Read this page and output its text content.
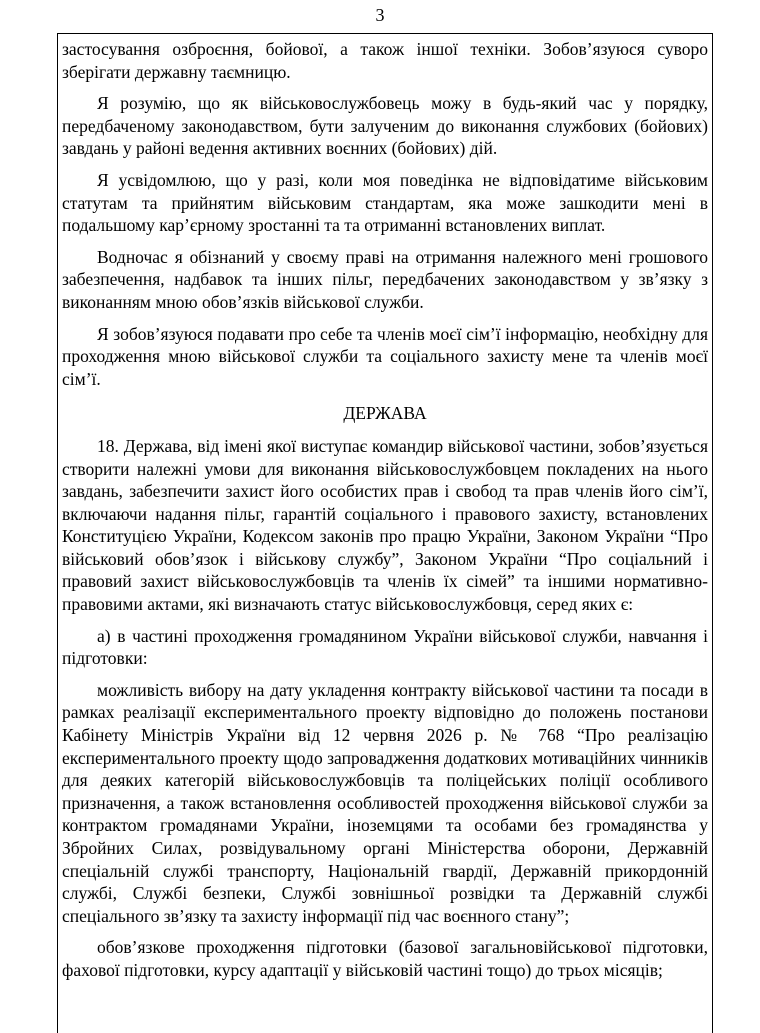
3

застосування озброєння, бойової, а також іншої техніки. Зобов’язуюся суворо зберігати державну таємницю.

Я розумію, що як військовослужбовець можу в будь-який час у порядку, передбаченому законодавством, бути залученим до виконання службових (бойових) завдань у районі ведення активних воєнних (бойових) дій.

Я усвідомлюю, що у разі, коли моя поведінка не відповідатиме військовим статутам та прийнятим військовим стандартам, яка може зашкодити мені в подальшому кар’єрному зростанні та та отриманні встановлених виплат.

Водночас я обізнаний у своєму праві на отримання належного мені грошового забезпечення, надбавок та інших пільг, передбачених законодавством у зв’язку з виконанням мною обов’язків військової служби.

Я зобов’язуюся подавати про себе та членів моєї сім’ї інформацію, необхідну для проходження мною військової служби та соціального захисту мене та членів моєї сім’ї.

ДЕРЖАВА

18. Держава, від імені якої виступає командир військової частини, зобов’язується створити належні умови для виконання військовослужбовцем покладених на нього завдань, забезпечити захист його особистих прав і свобод та прав членів його сім’ї, включаючи надання пільг, гарантій соціального і правового захисту, встановлених Конституцією України, Кодексом законів про працю України, Законом України “Про військовий обов’язок і військову службу”, Законом України “Про соціальний і правовий захист військовослужбовців та членів їх сімей” та іншими нормативно-правовими актами, які визначають статус військовослужбовця, серед яких є:

а) в частині проходження громадянином України військової служби, навчання і підготовки:

можливість вибору на дату укладення контракту військової частини та посади в рамках реалізації експериментального проекту відповідно до положень постанови Кабінету Міністрів України від 12 червня 2026 р. № 768 “Про реалізацію експериментального проекту щодо запровадження додаткових мотиваційних чинників для деяких категорій військовослужбовців та поліцейських поліції особливого призначення, а також встановлення особливостей проходження військової служби за контрактом громадянами України, іноземцями та особами без громадянства у Збройних Силах, розвідувальному органі Міністерства оборони, Державній спеціальній службі транспорту, Національній гвардії, Державній прикордонній службі, Службі безпеки, Службі зовнішньої розвідки та Державній службі спеціального зв’язку та захисту інформації під час воєнного стану”;

обов’язкове проходження підготовки (базової загальновійськової підготовки, фахової підготовки, курсу адаптації у військовій частині тощо) до трьох місяців;
